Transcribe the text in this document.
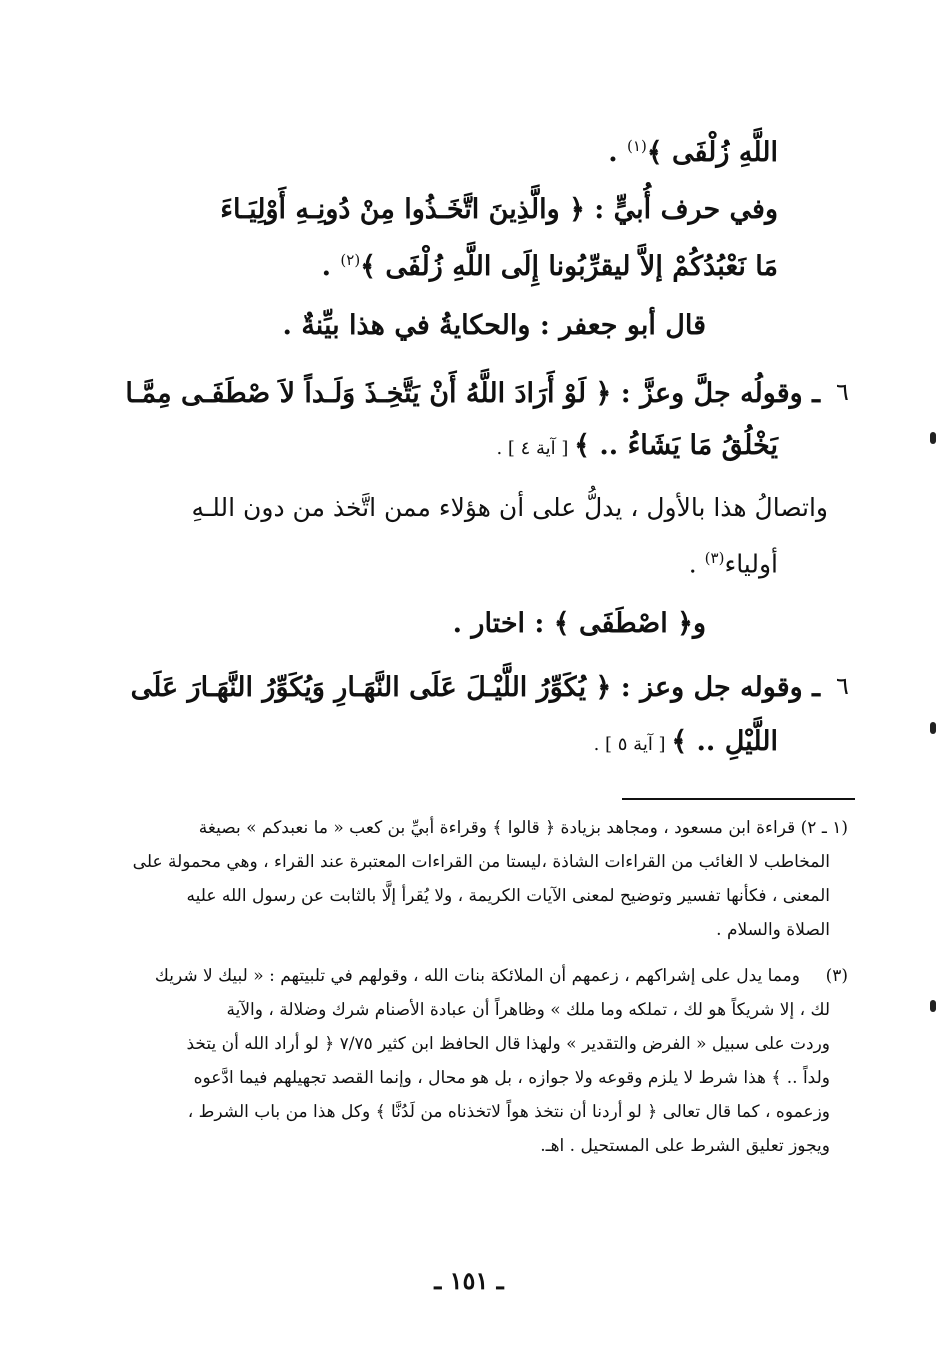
اللَّهِ زُلْفَى ﴾$^{(١)}$ .
وفي حرف أُبيٍّ : ﴿ والَّذِينَ اتَّخَـذُوا مِنْ دُونِـهِ أَوْلِيَـاءَ
مَا نَعْبُدُكُمْ إلاَّ ليقرِّبُونا إِلَى اللَّهِ زُلْفَى ﴾$^{(٢)}$ .
قال أبو جعفر : والحكايةُ في هذا بيِّنةٌ .
٦
ـ وقولُه جلَّ وعزَّ : ﴿ لَوْ أَرَادَ اللَّهُ أَنْ يَتَّخِـذَ وَلَـداً لاَ صْطَفَـى مِمَّـا
يَخْلُقُ مَا يَشَاءُ .. ﴾ [ آية ٤ ] .
واتصالُ هذا بالأول ، يدلُّ على أن هؤلاء ممن اتَّخذ من دون اللـهِ
أولياء$^{(٣)}$ .
و﴿ اصْطَفَى ﴾ : اختار .
٦
ـ وقوله جل وعز : ﴿ يُكَوِّرُ اللَّيْـلَ عَلَى النَّهَـارِ وَيُكَوِّرُ النَّهَـارَ عَلَى
اللَّيْلِ .. ﴾ [ آية ٥ ] .
(١ ـ ٢) قراءة ابن مسعود ، ومجاهد بزيادة ﴿ قالوا ﴾ وقراءة أبيِّ بن كعب « ما نعبدكم » بصيغة
المخاطب لا الغائب من القراءات الشاذة ،ليستا من القراءات المعتبرة عند القراء ، وهي محمولة على
المعنى ، فكأنها تفسير وتوضيح لمعنى الآيات الكريمة ، ولا يُقرأ إلَّا بالثابت عن رسول الله عليه
الصلاة والسلام .
(٣)
ومما يدل على إشراكهم ، زعمهم أن الملائكة بنات الله ، وقولهم في تلبيتهم : « لبيك لا شريك
لك ، إلا شريكاً هو لك ، تملكه وما ملك » وظاهراً أن عبادة الأصنام شرك وضلالة ، والآية
وردت على سبيل « الفرض والتقدير » ولهذا قال الحافظ ابن كثير ٧/٧٥ ﴿ لو أراد الله أن يتخذ
ولداً .. ﴾ هذا شرط لا يلزم وقوعه ولا جوازه ، بل هو محال ، وإنما القصد تجهيلهم فيما ادَّعوه
وزعموه ، كما قال تعالى ﴿ لو أردنا أن نتخذ هواً لاتخذناه من لَدُنَّا ﴾ وكل هذا من باب الشرط ،
ويجوز تعليق الشرط على المستحيل . اهـ.
ـ ١٥١ ـ
